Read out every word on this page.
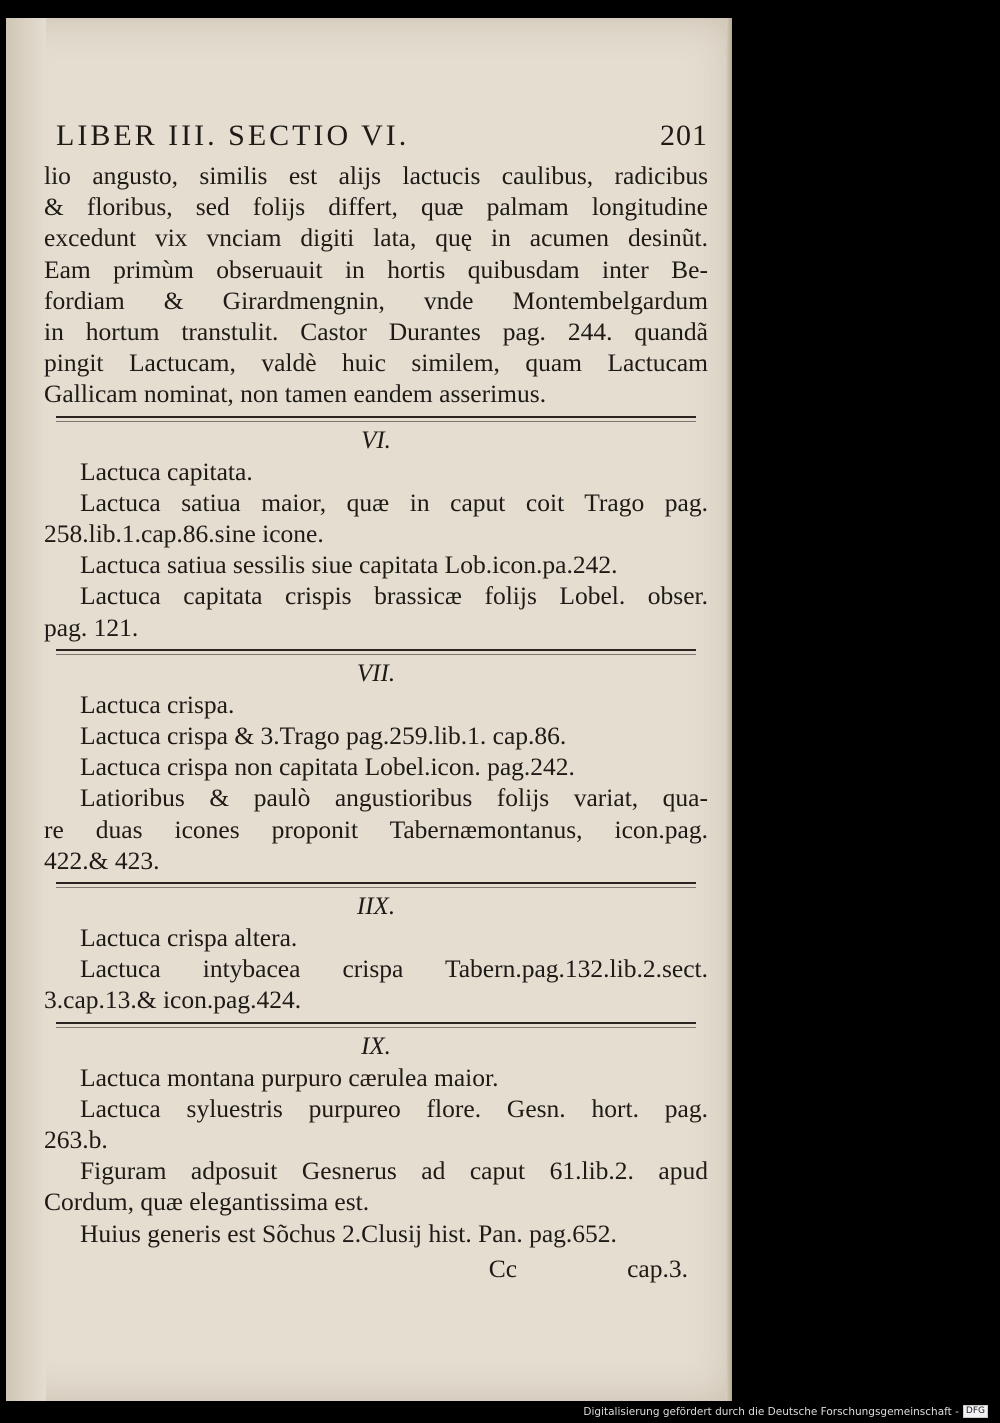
LIBER III. SECTIO VI.	201
lio angusto, similis est alijs lactucis caulibus, radicibus
& floribus, sed folijs differt, quæ palmam longitudine
excedunt vix vnciam digiti lata, quę in acumen desinũt.
Eam primùm obseruauit in hortis quibusdam inter Be-
fordiam & Girardmengnin, vnde Montembelgardum
in hortum transtulit. Castor Durantes pag. 244. quandã
pingit Lactucam, valdè huic similem, quam Lactucam
Gallicam nominat, non tamen eandem asserimus.
VI.
Lactuca capitata.
Lactuca satiua maior, quæ in caput coit Trago pag.
258.lib.1.cap.86.sine icone.
Lactuca satiua sessilis siue capitata Lob.icon.pa.242.
Lactuca capitata crispis brassicæ folijs Lobel. obser.
pag. 121.
VII.
Lactuca crispa.
Lactuca crispa & 3.Trago pag.259.lib.1. cap.86.
Lactuca crispa non capitata Lobel.icon. pag.242.
Latioribus & paulò angustioribus folijs variat, qua-
re duas icones proponit Tabernæmontanus, icon.pag.
422.& 423.
IIX.
Lactuca crispa altera.
Lactuca intybacea crispa Tabern.pag.132.lib.2.sect.
3.cap.13.& icon.pag.424.
IX.
Lactuca montana purpuro cærulea maior.
Lactuca syluestris purpureo flore. Gesn. hort. pag.
263.b.
Figuram adposuit Gesnerus ad caput 61.lib.2. apud
Cordum, quæ elegantissima est.
Huius generis est Sõchus 2.Clusij hist. Pan. pag.652.
Cc	cap.3.
Digitalisierung gefördert durch die Deutsche Forschungsgemeinschaft - DFG
